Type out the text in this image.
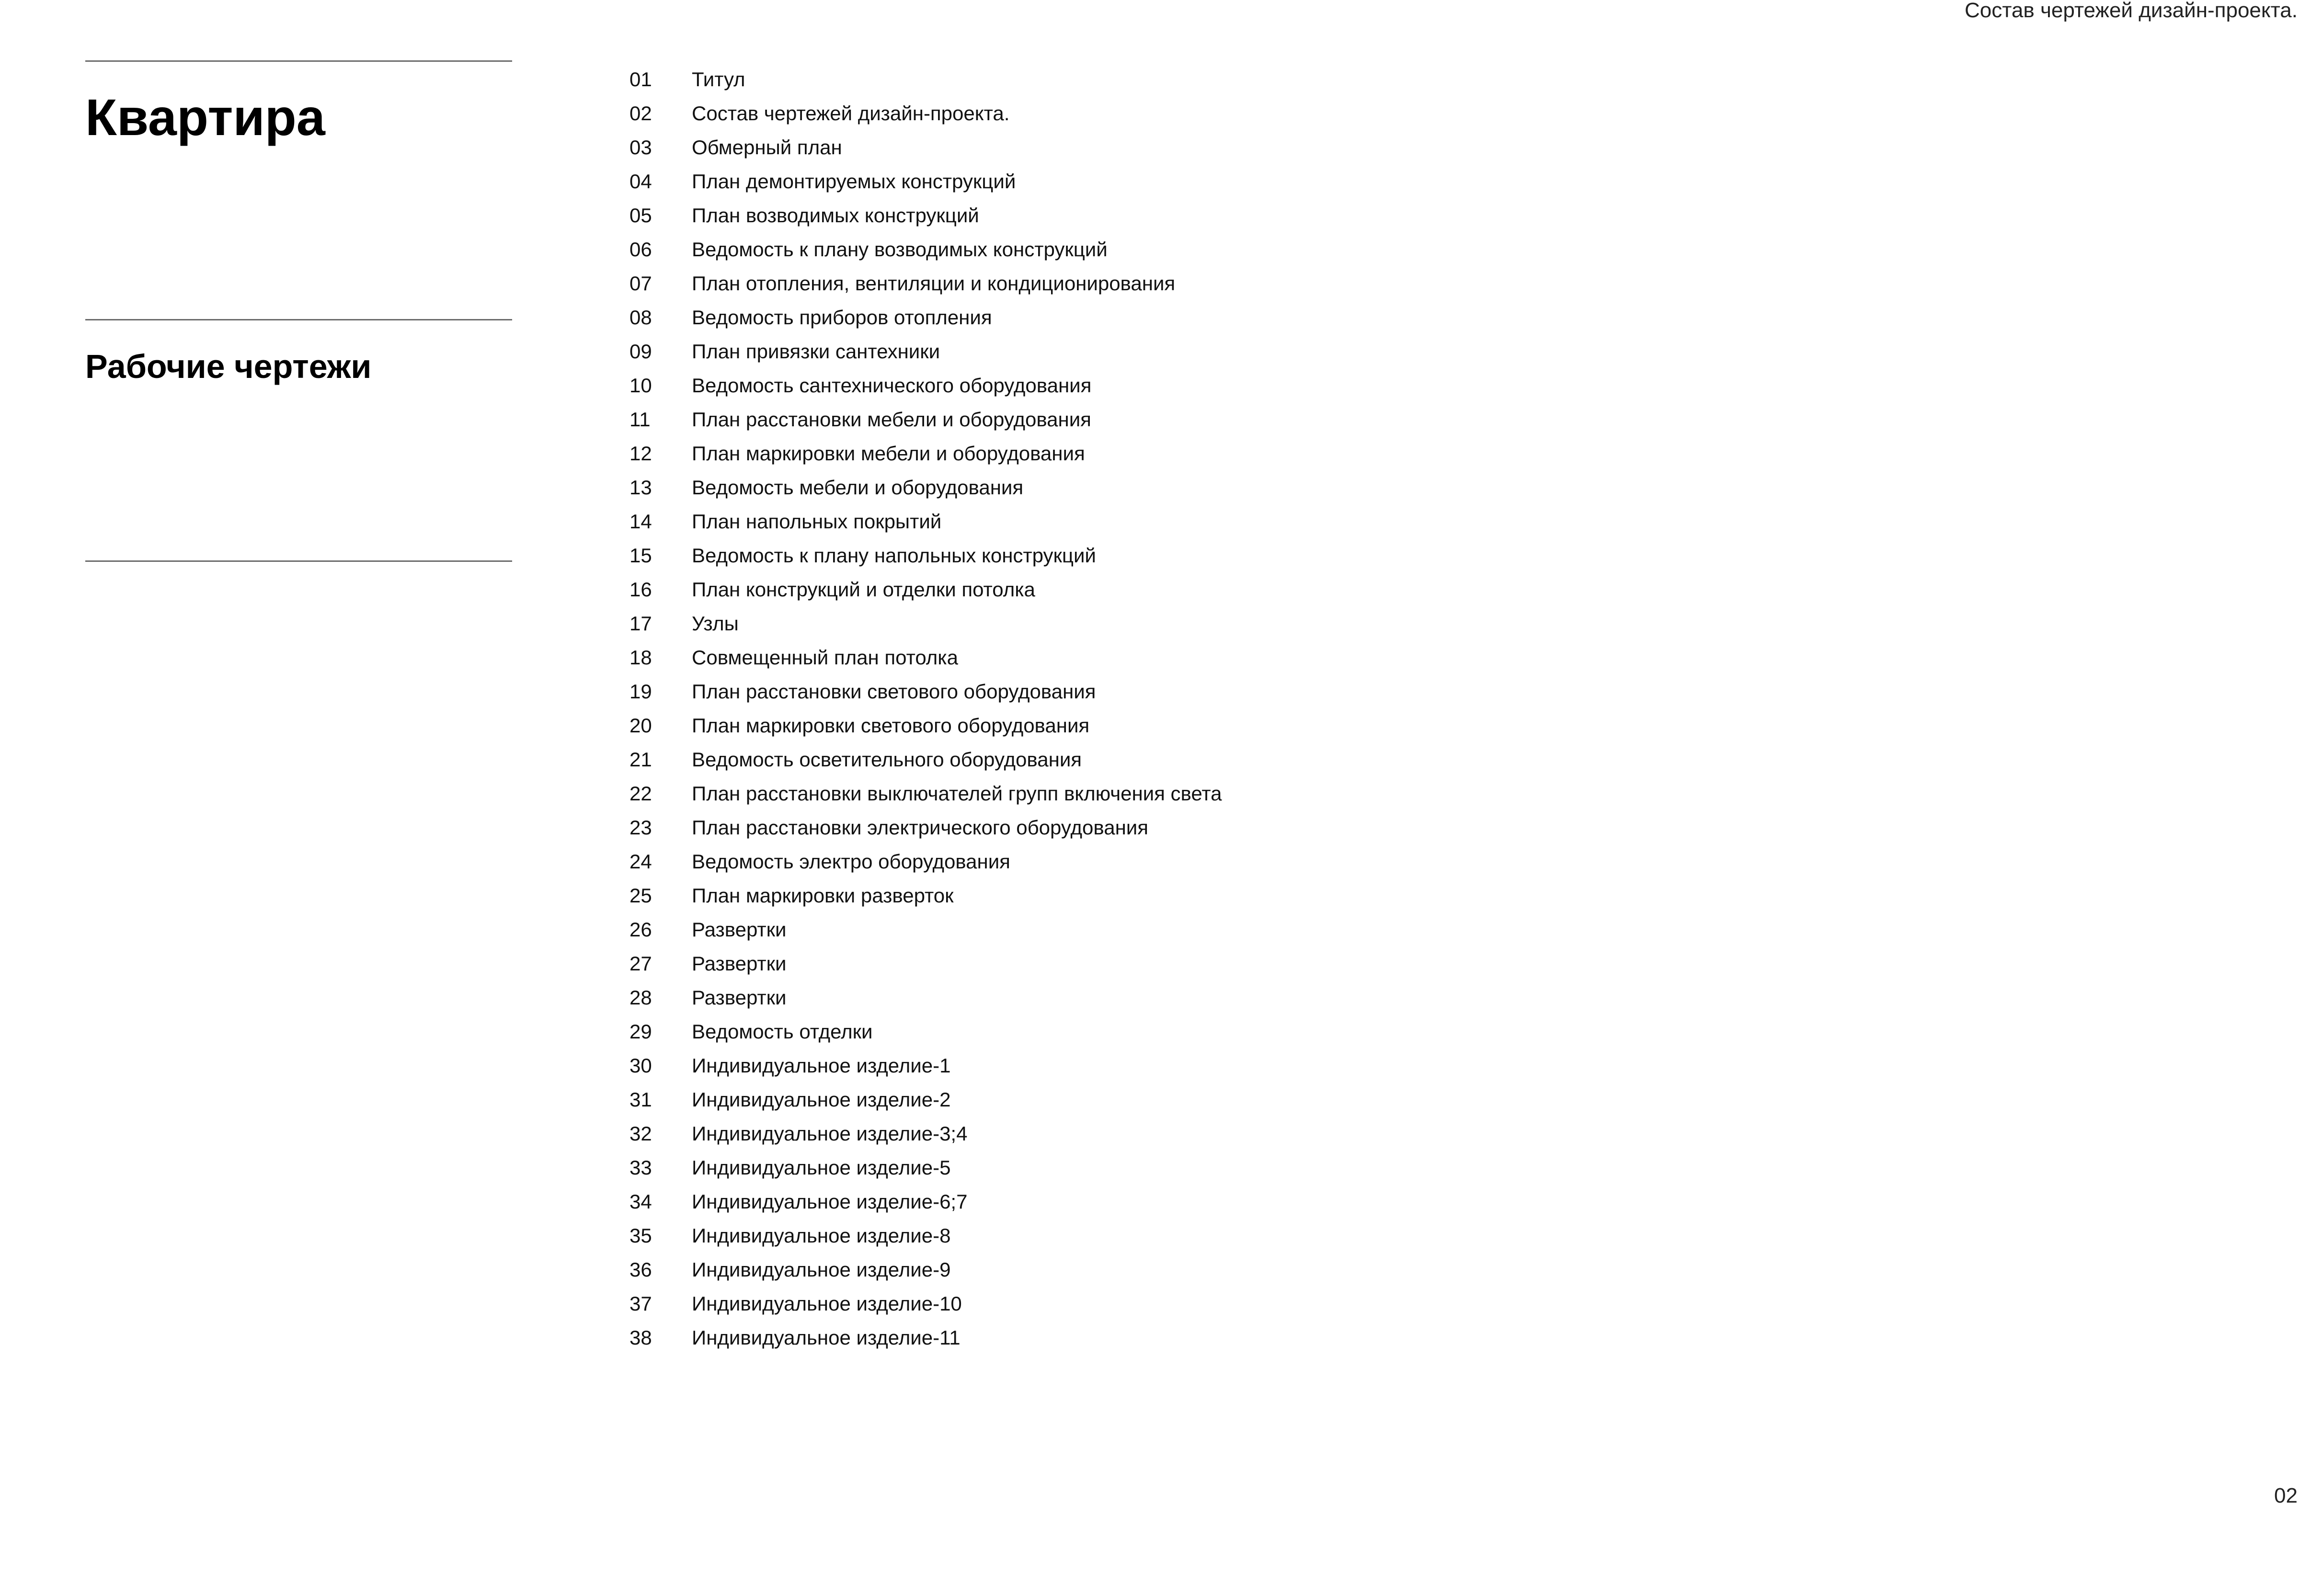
Состав чертежей дизайн-проекта.
Квартира
Рабочие чертежи
01	Титул
02	Состав чертежей дизайн-проекта.
03	Обмерный план
04	План демонтируемых конструкций
05	План возводимых конструкций
06	Ведомость к плану возводимых конструкций
07	План отопления, вентиляции и кондиционирования
08	Ведомость приборов отопления
09	План привязки сантехники
10	Ведомость сантехнического оборудования
11	План расстановки мебели и оборудования
12	План маркировки мебели и оборудования
13	Ведомость мебели и оборудования
14	План напольных покрытий
15	Ведомость к плану напольных конструкций
16	План конструкций и отделки потолка
17	Узлы
18	Совмещенный план потолка
19	План расстановки светового оборудования
20	План маркировки светового оборудования
21	Ведомость осветительного оборудования
22	План расстановки выключателей групп включения света
23	План расстановки электрического оборудования
24	Ведомость электро оборудования
25	План маркировки разверток
26	Развертки
27	Развертки
28	Развертки
29	Ведомость отделки
30	Индивидуальное изделие-1
31	Индивидуальное изделие-2
32	Индивидуальное изделие-3;4
33	Индивидуальное изделие-5
34	Индивидуальное изделие-6;7
35	Индивидуальное изделие-8
36	Индивидуальное изделие-9
37	Индивидуальное изделие-10
38	Индивидуальное изделие-11
02
